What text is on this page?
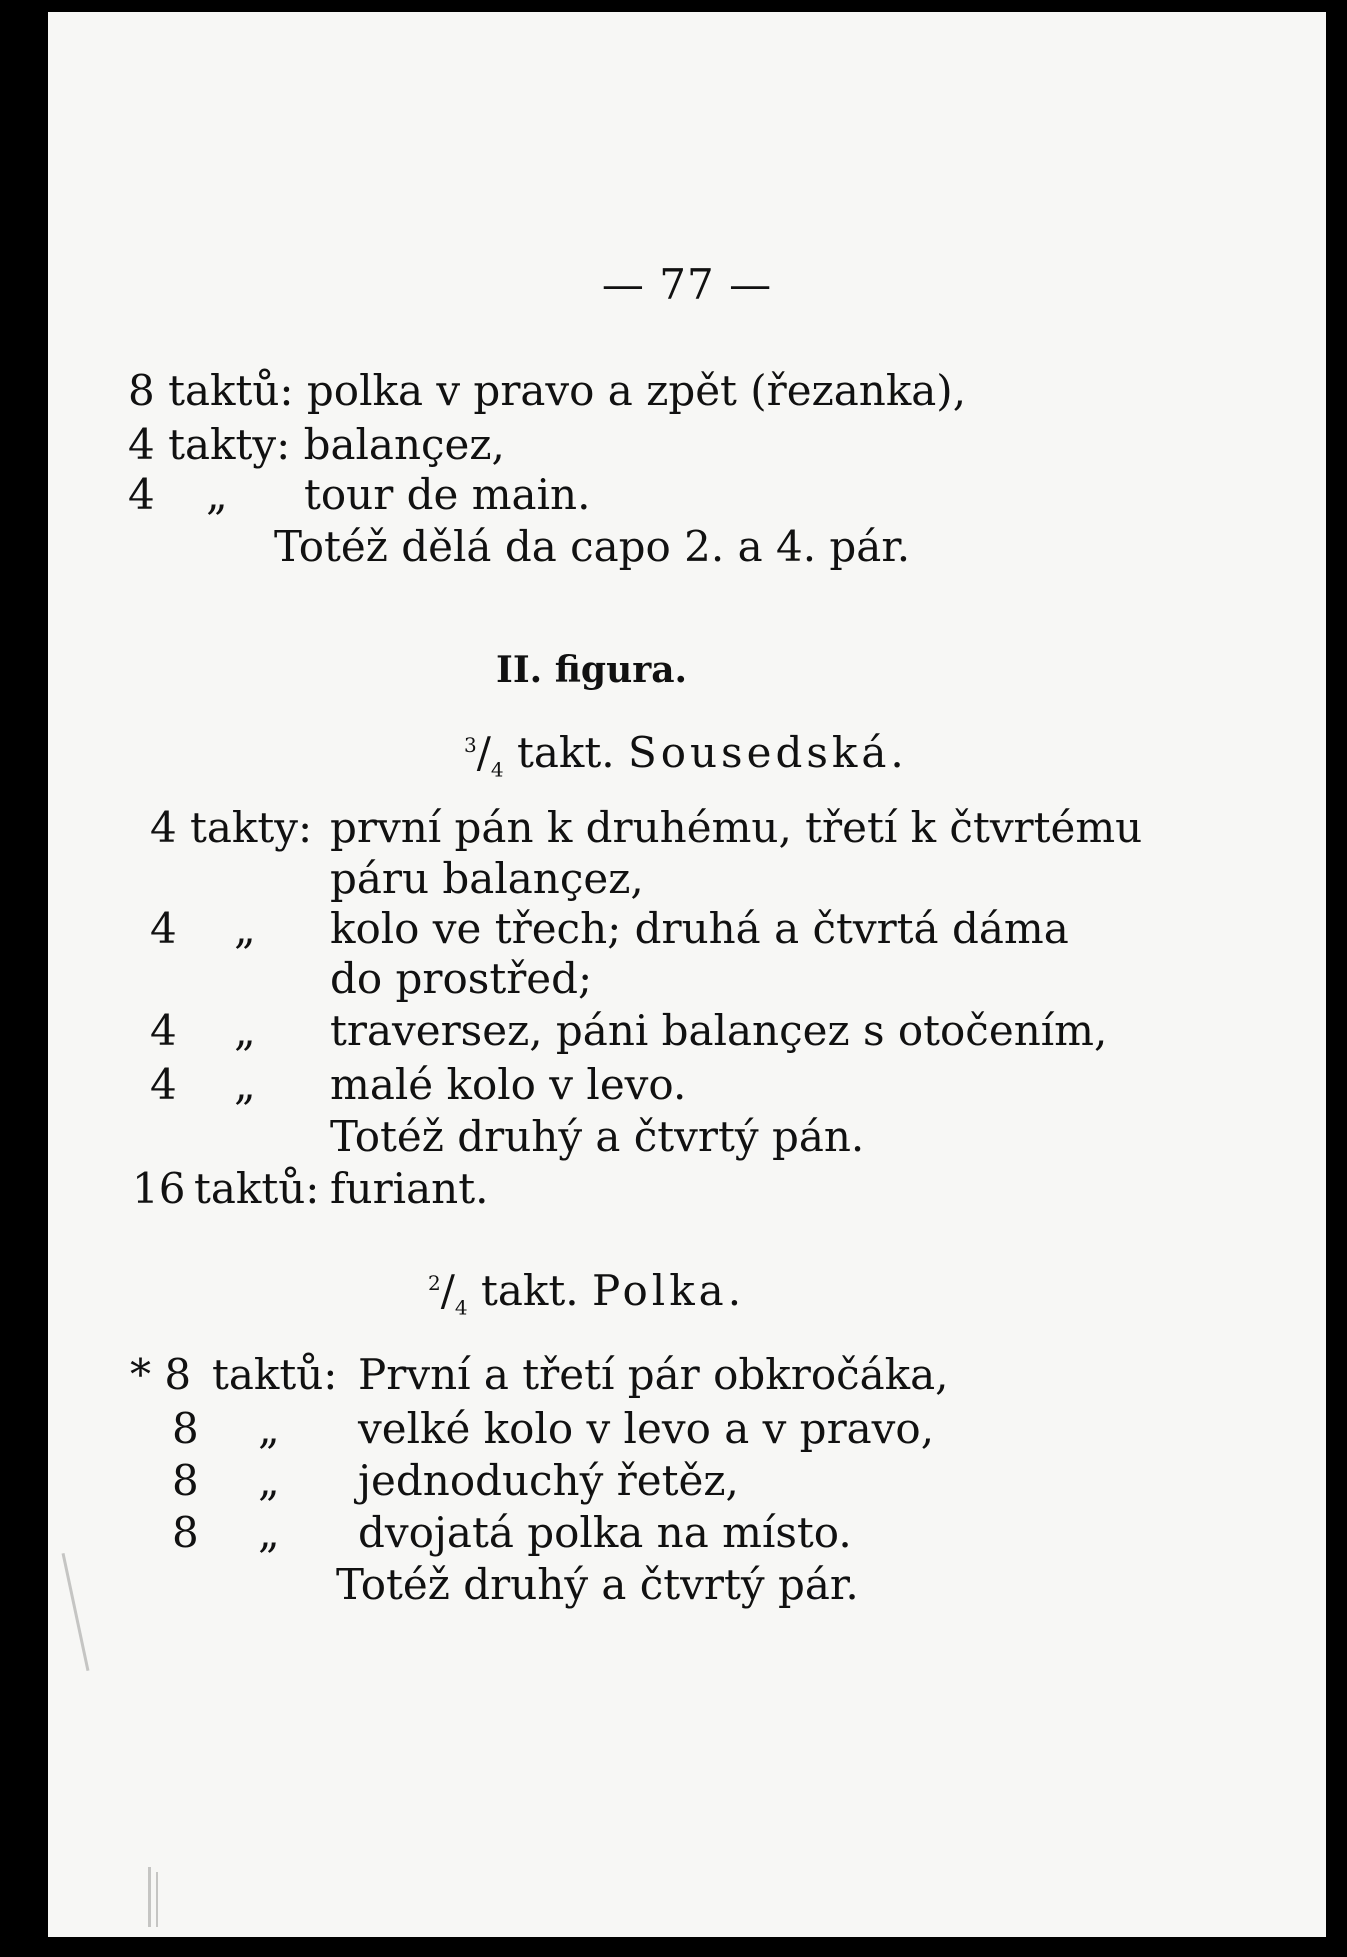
— 77 —
8 taktů: polka v pravo a zpět (řezanka),
4 takty: balançez,
4 „ tour de main.
Totéž dělá da capo 2. a 4. pár.
II. figura.
$^3/_4$ takt. Sousedská.
4 takty: první pán k druhému, třetí k čtvrtému
páru balançez,
4 „ kolo ve třech; druhá a čtvrtá dáma
do prostřed;
4 „ traversez, páni balançez s otočením,
4 „ malé kolo v levo.
Totéž druhý a čtvrtý pán.
16 taktů: furiant.
$^2/_4$ takt. Polka.
* 8 taktů: První a třetí pár obkročáka,
8 „ velké kolo v levo a v pravo,
8 „ jednoduchý řetěz,
8 „ dvojatá polka na místo.
Totéž druhý a čtvrtý pár.
